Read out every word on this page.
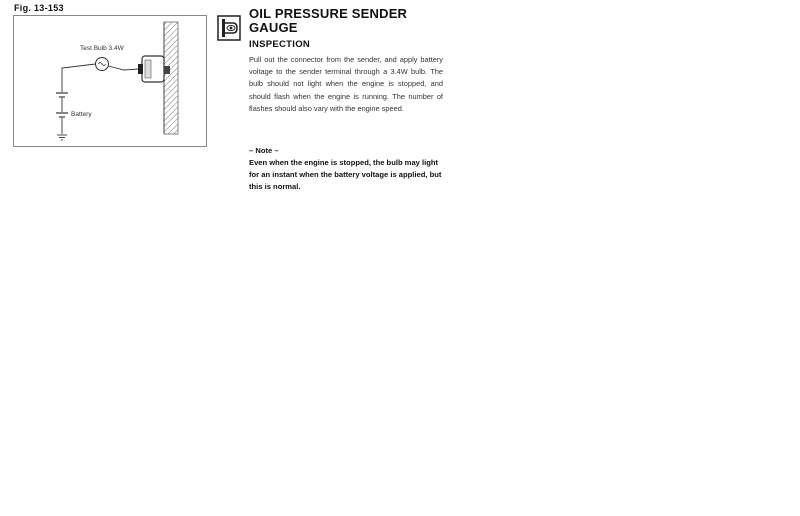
Fig. 13-153
Test Bulb 3.4W
Battery
OIL PRESSURE SENDER
GAUGE
INSPECTION
Pull out the connector from the sender, and apply battery voltage to the sender terminal through a 3.4W bulb. The bulb should not light when the engine is stopped, and should flash when the engine is running. The number of flashes should also vary with the engine speed.
– Note –
Even when the engine is stopped, the bulb may light for an instant when the battery voltage is applied, but this is normal.
